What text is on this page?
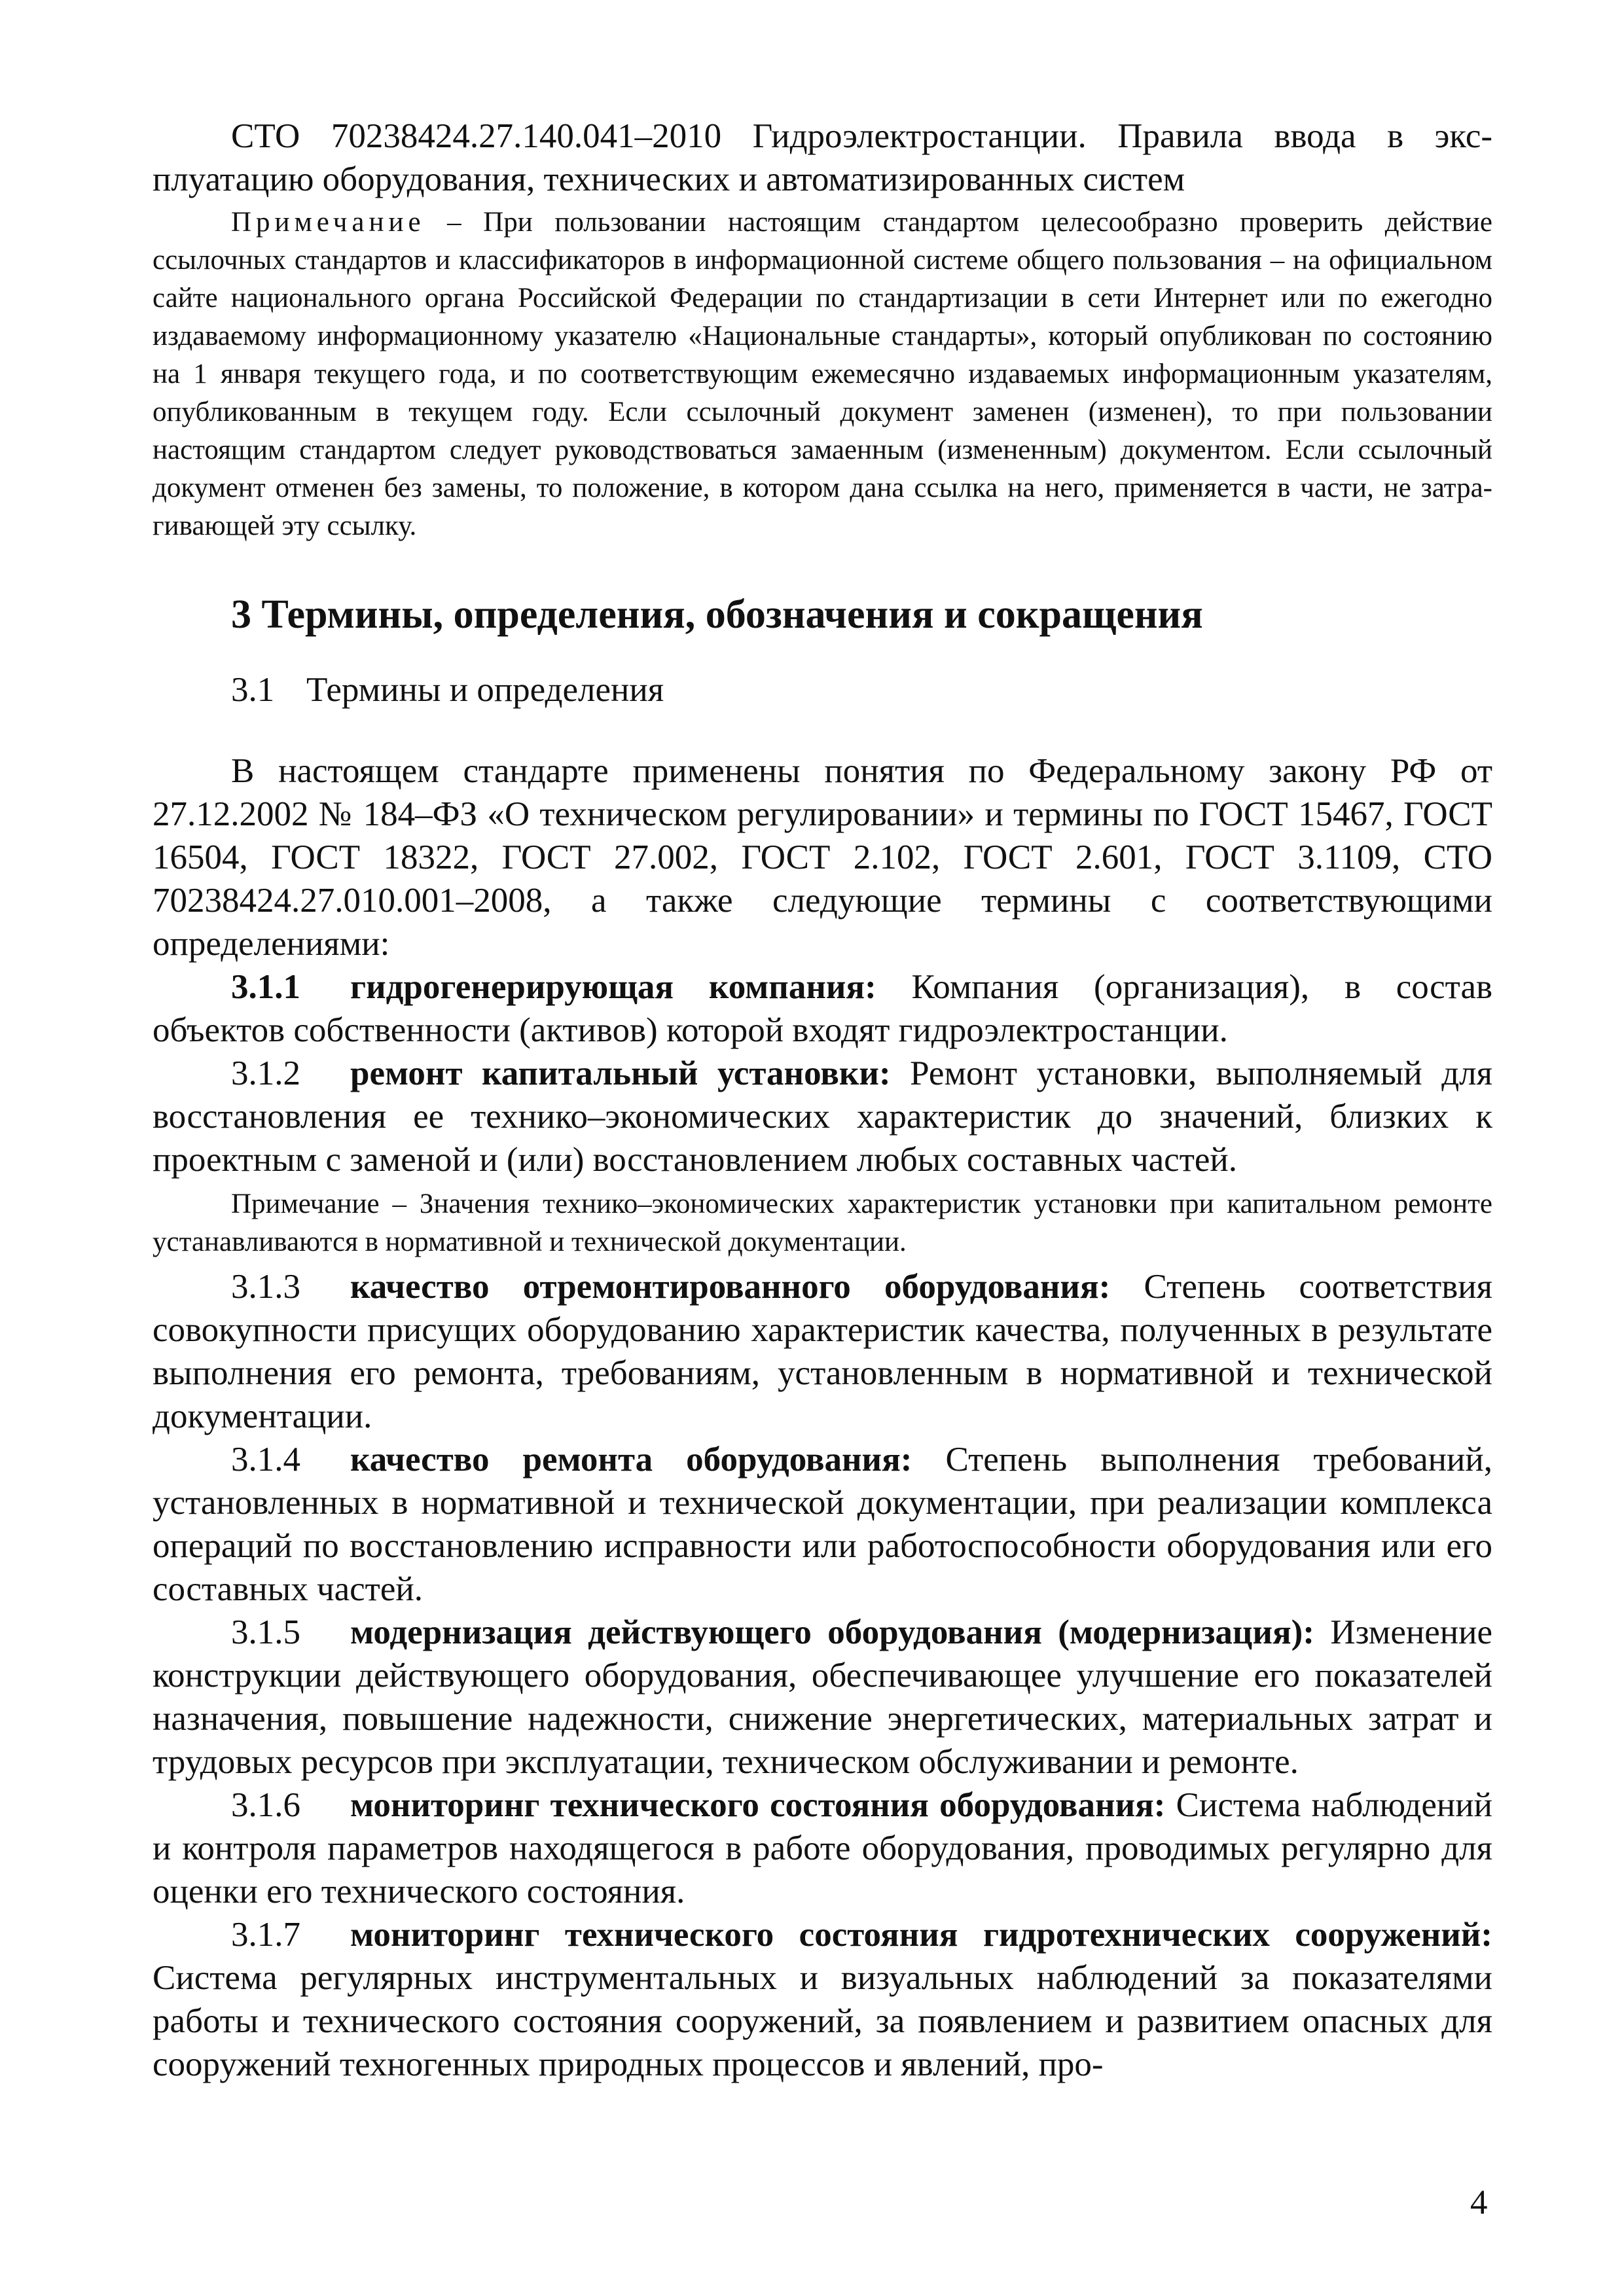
СТО 70238424.27.140.041–2010 Гидроэлектростанции. Правила ввода в эксплуатацию оборудования, технических и автоматизированных систем

Примечание – При пользовании настоящим стандартом целесообразно проверить действие ссылочных стандартов и классификаторов в информационной системе общего пользования – на официальном сайте национального органа Российской Федерации по стандартизации в сети Интернет или по ежегодно издаваемому информационному указателю «Национальные стандарты», который опубликован по состоянию на 1 января текущего года, и по соответствующим ежемесячно издаваемых информационным указателям, опубликованным в текущем году. Если ссылочный документ заменен (изменен), то при пользовании настоящим стандартом следует руководствоваться замаенным (измененным) документом. Если ссылочный документ отменен без замены, то положение, в котором дана ссылка на него, применяется в части, не затрагивающей эту ссылку.

3 Термины, определения, обозначения и сокращения

3.1 Термины и определения

В настоящем стандарте применены понятия по Федеральному закону РФ от 27.12.2002 № 184–ФЗ «О техническом регулировании» и термины по ГОСТ 15467, ГОСТ 16504, ГОСТ 18322, ГОСТ 27.002, ГОСТ 2.102, ГОСТ 2.601, ГОСТ 3.1109, СТО 70238424.27.010.001–2008, а также следующие термины с соответствующими определениями:

3.1.1 гидрогенерирующая компания: Компания (организация), в состав объектов собственности (активов) которой входят гидроэлектростанции.

3.1.2 ремонт капитальный установки: Ремонт установки, выполняемый для восстановления ее технико–экономических характеристик до значений, близких к проектным с заменой и (или) восстановлением любых составных частей.

Примечание – Значения технико–экономических характеристик установки при капитальном ремонте устанавливаются в нормативной и технической документации.

3.1.3 качество отремонтированного оборудования: Степень соответствия совокупности присущих оборудованию характеристик качества, полученных в результате выполнения его ремонта, требованиям, установленным в нормативной и технической документации.

3.1.4 качество ремонта оборудования: Степень выполнения требований, установленных в нормативной и технической документации, при реализации комплекса операций по восстановлению исправности или работоспособности оборудования или его составных частей.

3.1.5 модернизация действующего оборудования (модернизация): Изменение конструкции действующего оборудования, обеспечивающее улучшение его показателей назначения, повышение надежности, снижение энергетических, материальных затрат и трудовых ресурсов при эксплуатации, техническом обслуживании и ремонте.

3.1.6 мониторинг технического состояния оборудования: Система наблюдений и контроля параметров находящегося в работе оборудования, проводимых регулярно для оценки его технического состояния.

3.1.7 мониторинг технического состояния гидротехнических сооружений: Система регулярных инструментальных и визуальных наблюдений за показателями работы и технического состояния сооружений, за появлением и развитием опасных для сооружений техногенных природных процессов и явлений, про-

4
